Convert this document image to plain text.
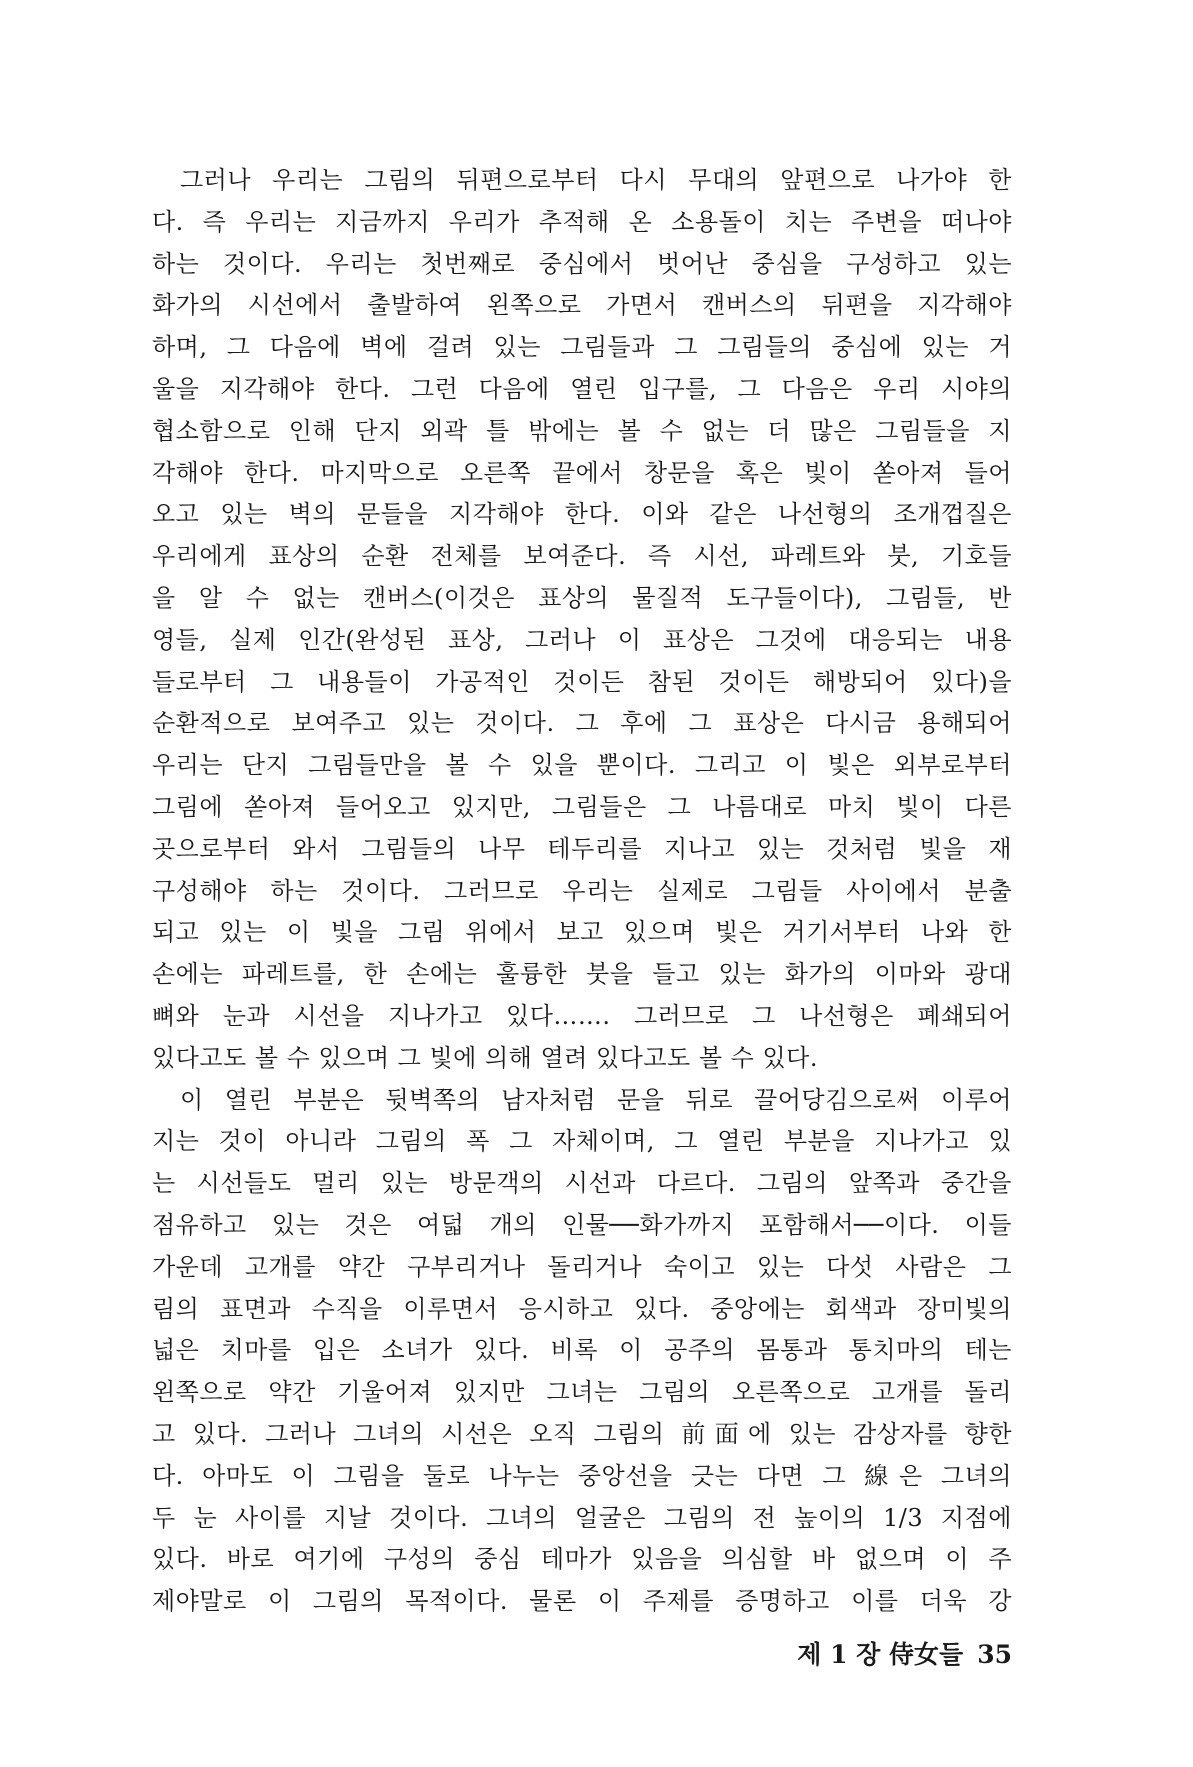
그러나 우리는 그림의 뒤편으로부터 다시 무대의 앞편으로 나가야 한
다. 즉 우리는 지금까지 우리가 추적해 온 소용돌이 치는 주변을 떠나야
하는 것이다. 우리는 첫번째로 중심에서 벗어난 중심을 구성하고 있는
화가의 시선에서 출발하여 왼쪽으로 가면서 캔버스의 뒤편을 지각해야
하며, 그 다음에 벽에 걸려 있는 그림들과 그 그림들의 중심에 있는 거
울을 지각해야 한다. 그런 다음에 열린 입구를, 그 다음은 우리 시야의
협소함으로 인해 단지 외곽 틀 밖에는 볼 수 없는 더 많은 그림들을 지
각해야 한다. 마지막으로 오른쪽 끝에서 창문을 혹은 빛이 쏟아져 들어
오고 있는 벽의 문들을 지각해야 한다. 이와 같은 나선형의 조개껍질은
우리에게 표상의 순환 전체를 보여준다. 즉 시선, 파레트와 붓, 기호들
을 알 수 없는 캔버스(이것은 표상의 물질적 도구들이다), 그림들, 반
영들, 실제 인간(완성된 표상, 그러나 이 표상은 그것에 대응되는 내용
들로부터 그 내용들이 가공적인 것이든 참된 것이든 해방되어 있다)을
순환적으로 보여주고 있는 것이다. 그 후에 그 표상은 다시금 용해되어
우리는 단지 그림들만을 볼 수 있을 뿐이다. 그리고 이 빛은 외부로부터
그림에 쏟아져 들어오고 있지만, 그림들은 그 나름대로 마치 빛이 다른
곳으로부터 와서 그림들의 나무 테두리를 지나고 있는 것처럼 빛을 재
구성해야 하는 것이다. 그러므로 우리는 실제로 그림들 사이에서 분출
되고 있는 이 빛을 그림 위에서 보고 있으며 빛은 거기서부터 나와 한
손에는 파레트를, 한 손에는 훌륭한 붓을 들고 있는 화가의 이마와 광대
뼈와 눈과 시선을 지나가고 있다……. 그러므로 그 나선형은 폐쇄되어
있다고도 볼 수 있으며 그 빛에 의해 열려 있다고도 볼 수 있다.
이 열린 부분은 뒷벽쪽의 남자처럼 문을 뒤로 끌어당김으로써 이루어
지는 것이 아니라 그림의 폭 그 자체이며, 그 열린 부분을 지나가고 있
는 시선들도 멀리 있는 방문객의 시선과 다르다. 그림의 앞쪽과 중간을
점유하고 있는 것은 여덟 개의 인물──화가까지 포함해서──이다. 이들
가운데 고개를 약간 구부리거나 돌리거나 숙이고 있는 다섯 사람은 그
림의 표면과 수직을 이루면서 응시하고 있다. 중앙에는 회색과 장미빛의
넓은 치마를 입은 소녀가 있다. 비록 이 공주의 몸통과 통치마의 테는
왼쪽으로 약간 기울어져 있지만 그녀는 그림의 오른쪽으로 고개를 돌리
고 있다. 그러나 그녀의 시선은 오직 그림의 前面에 있는 감상자를 향한
다. 아마도 이 그림을 둘로 나누는 중앙선을 긋는 다면 그 線은 그녀의
두 눈 사이를 지날 것이다. 그녀의 얼굴은 그림의 전 높이의 1/3 지점에
있다. 바로 여기에 구성의 중심 테마가 있음을 의심할 바 없으며 이 주
제야말로 이 그림의 목적이다. 물론 이 주제를 증명하고 이를 더욱 강
제 1 장 侍女들 35
